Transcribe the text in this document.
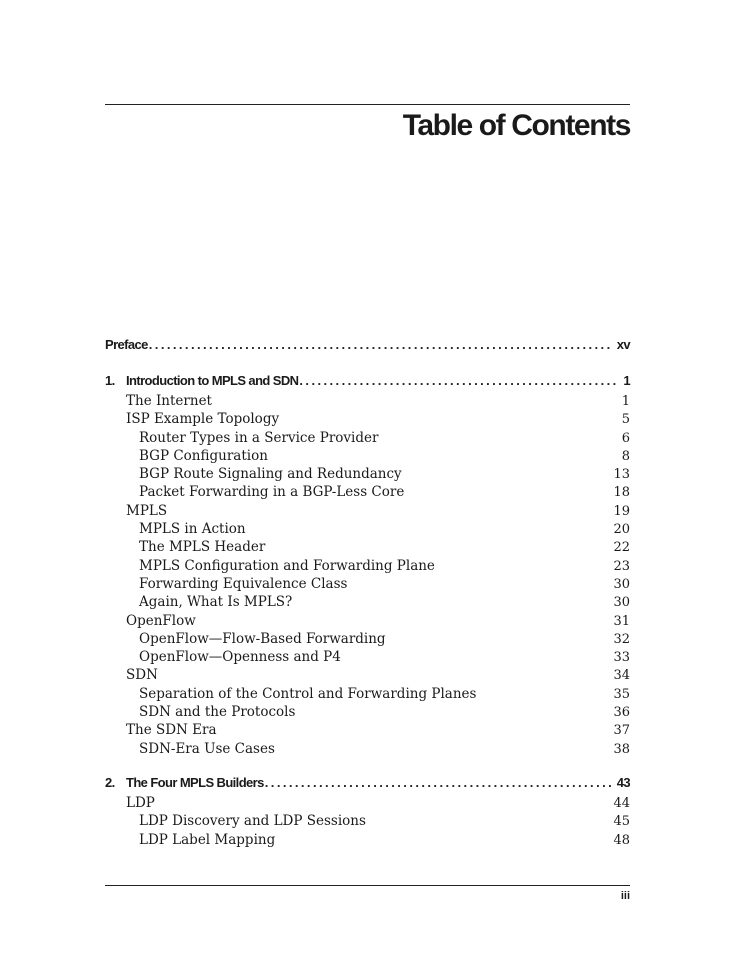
Table of Contents
Preface . . .	xv
1. Introduction to MPLS and SDN . . .	1
The Internet	1
ISP Example Topology	5
Router Types in a Service Provider	6
BGP Configuration	8
BGP Route Signaling and Redundancy	13
Packet Forwarding in a BGP-Less Core	18
MPLS	19
MPLS in Action	20
The MPLS Header	22
MPLS Configuration and Forwarding Plane	23
Forwarding Equivalence Class	30
Again, What Is MPLS?	30
OpenFlow	31
OpenFlow—Flow-Based Forwarding	32
OpenFlow—Openness and P4	33
SDN	34
Separation of the Control and Forwarding Planes	35
SDN and the Protocols	36
The SDN Era	37
SDN-Era Use Cases	38
2. The Four MPLS Builders . . .	43
LDP	44
LDP Discovery and LDP Sessions	45
LDP Label Mapping	48
iii
